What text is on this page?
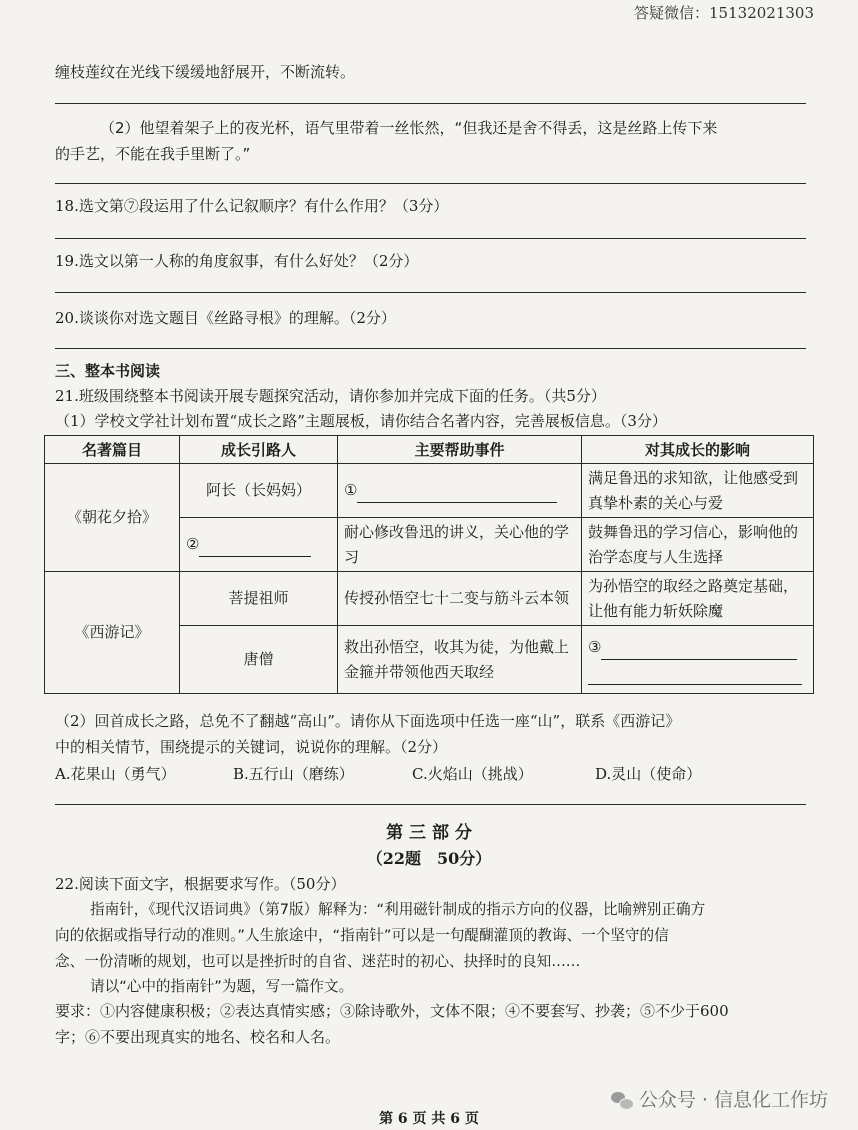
答疑微信：15132021303
缠枝莲纹在光线下缓缓地舒展开，不断流转。
（2）他望着架子上的夜光杯，语气里带着一丝怅然，“但我还是舍不得丢，这是丝路上传下来
的手艺，不能在我手里断了。”
18.选文第⑦段运用了什么记叙顺序？有什么作用？（3分）
19.选文以第一人称的角度叙事，有什么好处？（2分）
20.谈谈你对选文题目《丝路寻根》的理解。（2分）
三、整本书阅读
21.班级围绕整本书阅读开展专题探究活动，请你参加并完成下面的任务。（共5分）
（1）学校文学社计划布置“成长之路”主题展板，请你结合名著内容，完善展板信息。（3分）
名著篇目	成长引路人	主要帮助事件	对其成长的影响
《朝花夕拾》	阿长（长妈妈）	①	满足鲁迅的求知欲，让他感受到真挚朴素的关心与爱
	②	耐心修改鲁迅的讲义，关心他的学习	鼓舞鲁迅的学习信心，影响他的治学态度与人生选择
《西游记》	菩提祖师	传授孙悟空七十二变与筋斗云本领	为孙悟空的取经之路奠定基础，让他有能力斩妖除魔
	唐僧	救出孙悟空，收其为徒，为他戴上金箍并带领他西天取经	③
（2）回首成长之路，总免不了翻越“高山”。请你从下面选项中任选一座“山”，联系《西游记》
中的相关情节，围绕提示的关键词，说说你的理解。（2分）
A.花果山（勇气）	B.五行山（磨练）	C.火焰山（挑战）	D.灵山（使命）
第 三 部 分
（22题　50分）
22.阅读下面文字，根据要求写作。（50分）
指南针，《现代汉语词典》（第7版）解释为：“利用磁针制成的指示方向的仪器，比喻辨别正确方
向的依据或指导行动的准则。”人生旅途中，“指南针”可以是一句醍醐灌顶的教诲、一个坚守的信
念、一份清晰的规划，也可以是挫折时的自省、迷茫时的初心、抉择时的良知……
请以“心中的指南针”为题，写一篇作文。
要求：①内容健康积极；②表达真情实感；③除诗歌外，文体不限；④不要套写、抄袭；⑤不少于600
字；⑥不要出现真实的地名、校名和人名。
公众号 · 信息化工作坊
第 6 页 共 6 页
